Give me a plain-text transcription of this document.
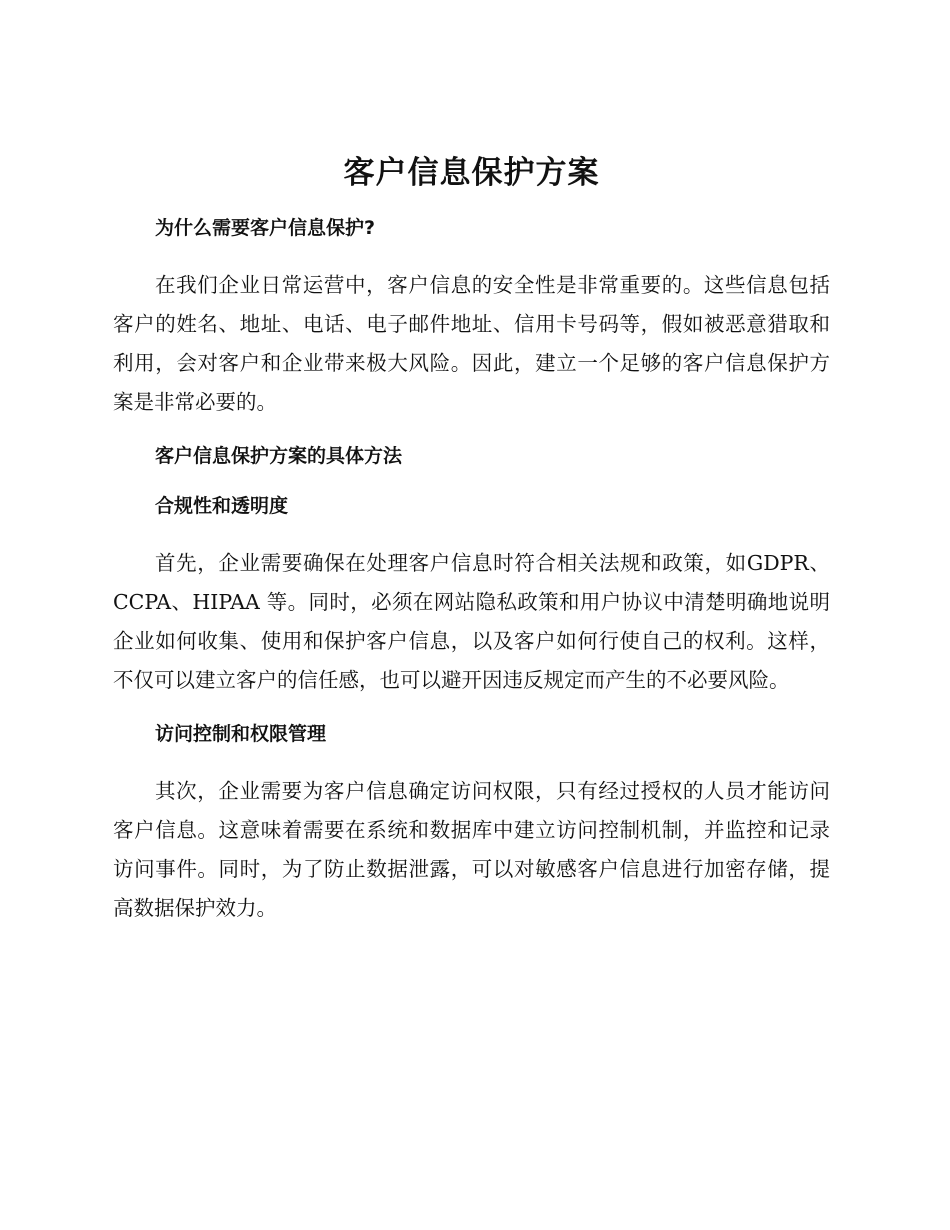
客户信息保护方案
为什么需要客户信息保护?

在我们企业日常运营中，客户信息的安全性是非常重要的。这些信息包括客户的姓名、地址、电话、电子邮件地址、信用卡号码等，假如被恶意猎取和利用，会对客户和企业带来极大风险。因此，建立一个足够的客户信息保护方案是非常必要的。

客户信息保护方案的具体方法
合规性和透明度

首先，企业需要确保在处理客户信息时符合相关法规和政策，如GDPR、CCPA、HIPAA 等。同时，必须在网站隐私政策和用户协议中清楚明确地说明企业如何收集、使用和保护客户信息，以及客户如何行使自己的权利。这样，不仅可以建立客户的信任感，也可以避开因违反规定而产生的不必要风险。

访问控制和权限管理

其次，企业需要为客户信息确定访问权限，只有经过授权的人员才能访问客户信息。这意味着需要在系统和数据库中建立访问控制机制，并监控和记录访问事件。同时，为了防止数据泄露，可以对敏感客户信息进行加密存储，提高数据保护效力。
